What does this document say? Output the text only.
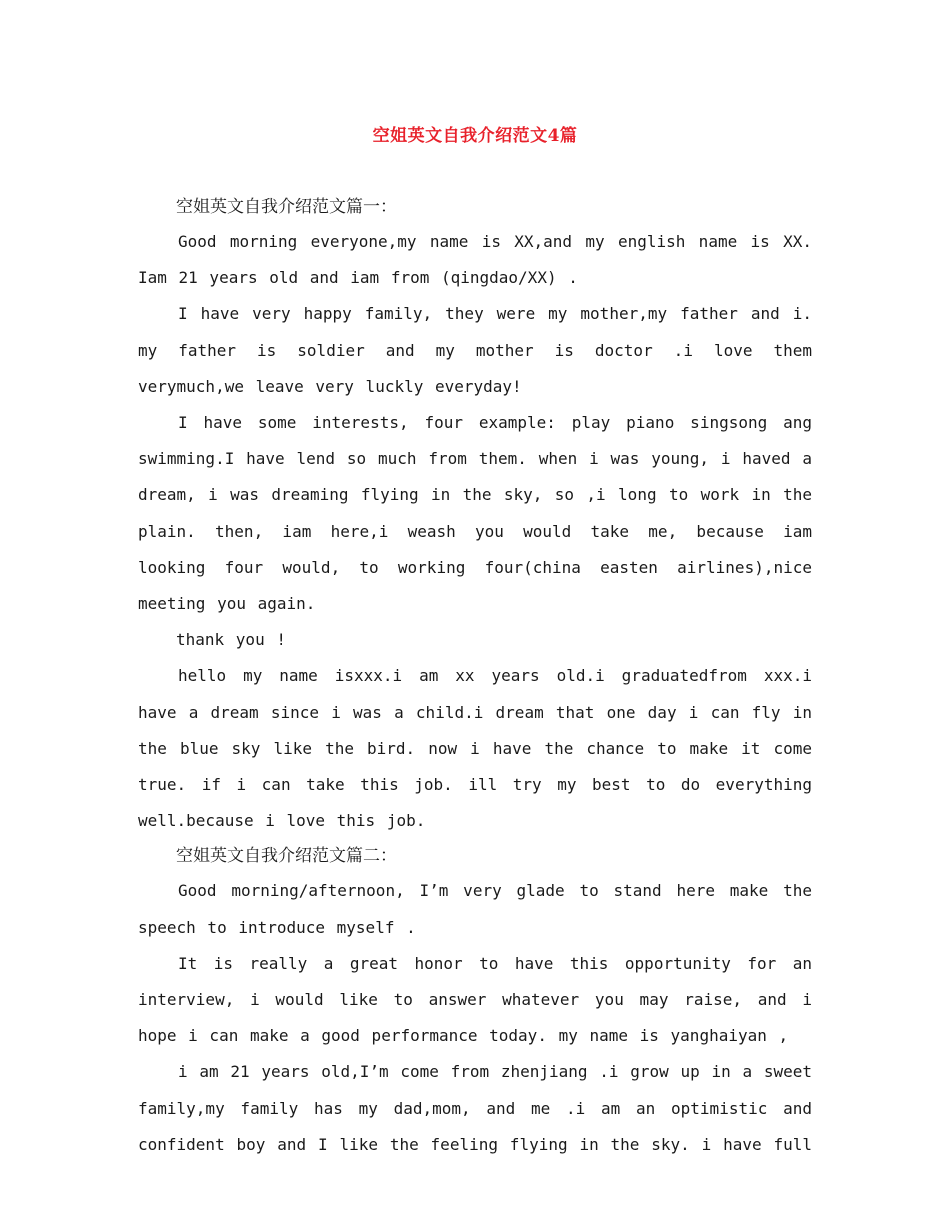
空姐英文自我介绍范文4篇

空姐英文自我介绍范文篇一：

Good morning everyone,my name is XX,and my english name is XX. Iam 21 years old and iam from (qingdao/XX) .

I have very happy family, they were my mother,my father and i. my father is soldier and my mother is doctor .i love them verymuch,we leave very luckly everyday!

I have some interests, four example: play piano singsong ang swimming.I have lend so much from them. when i was young, i haved a dream, i was dreaming flying in the sky, so ,i long to work in the plain. then, iam here,i weash you would take me, because iam looking four would, to working four(china easten airlines),nice meeting you again.

thank you !

hello my name isxxx.i am xx years old.i graduatedfrom xxx.i have a dream since i was a child.i dream that one day i can fly in the blue sky like the bird. now i have the chance to make it come true. if i can take this job. ill try my best to do everything well.because i love this job.

空姐英文自我介绍范文篇二：

Good morning/afternoon, I’m very glade to stand here make the speech to introduce myself .

It is really a great honor to have this opportunity for an interview, i would like to answer whatever you may raise, and i hope i can make a good performance today. my name is yanghaiyan ,

i am 21 years old,I’m come from zhenjiang .i grow up in a sweet family,my family has my dad,mom, and me .i am an optimistic and confident boy and I like the feeling flying in the sky. i have full
